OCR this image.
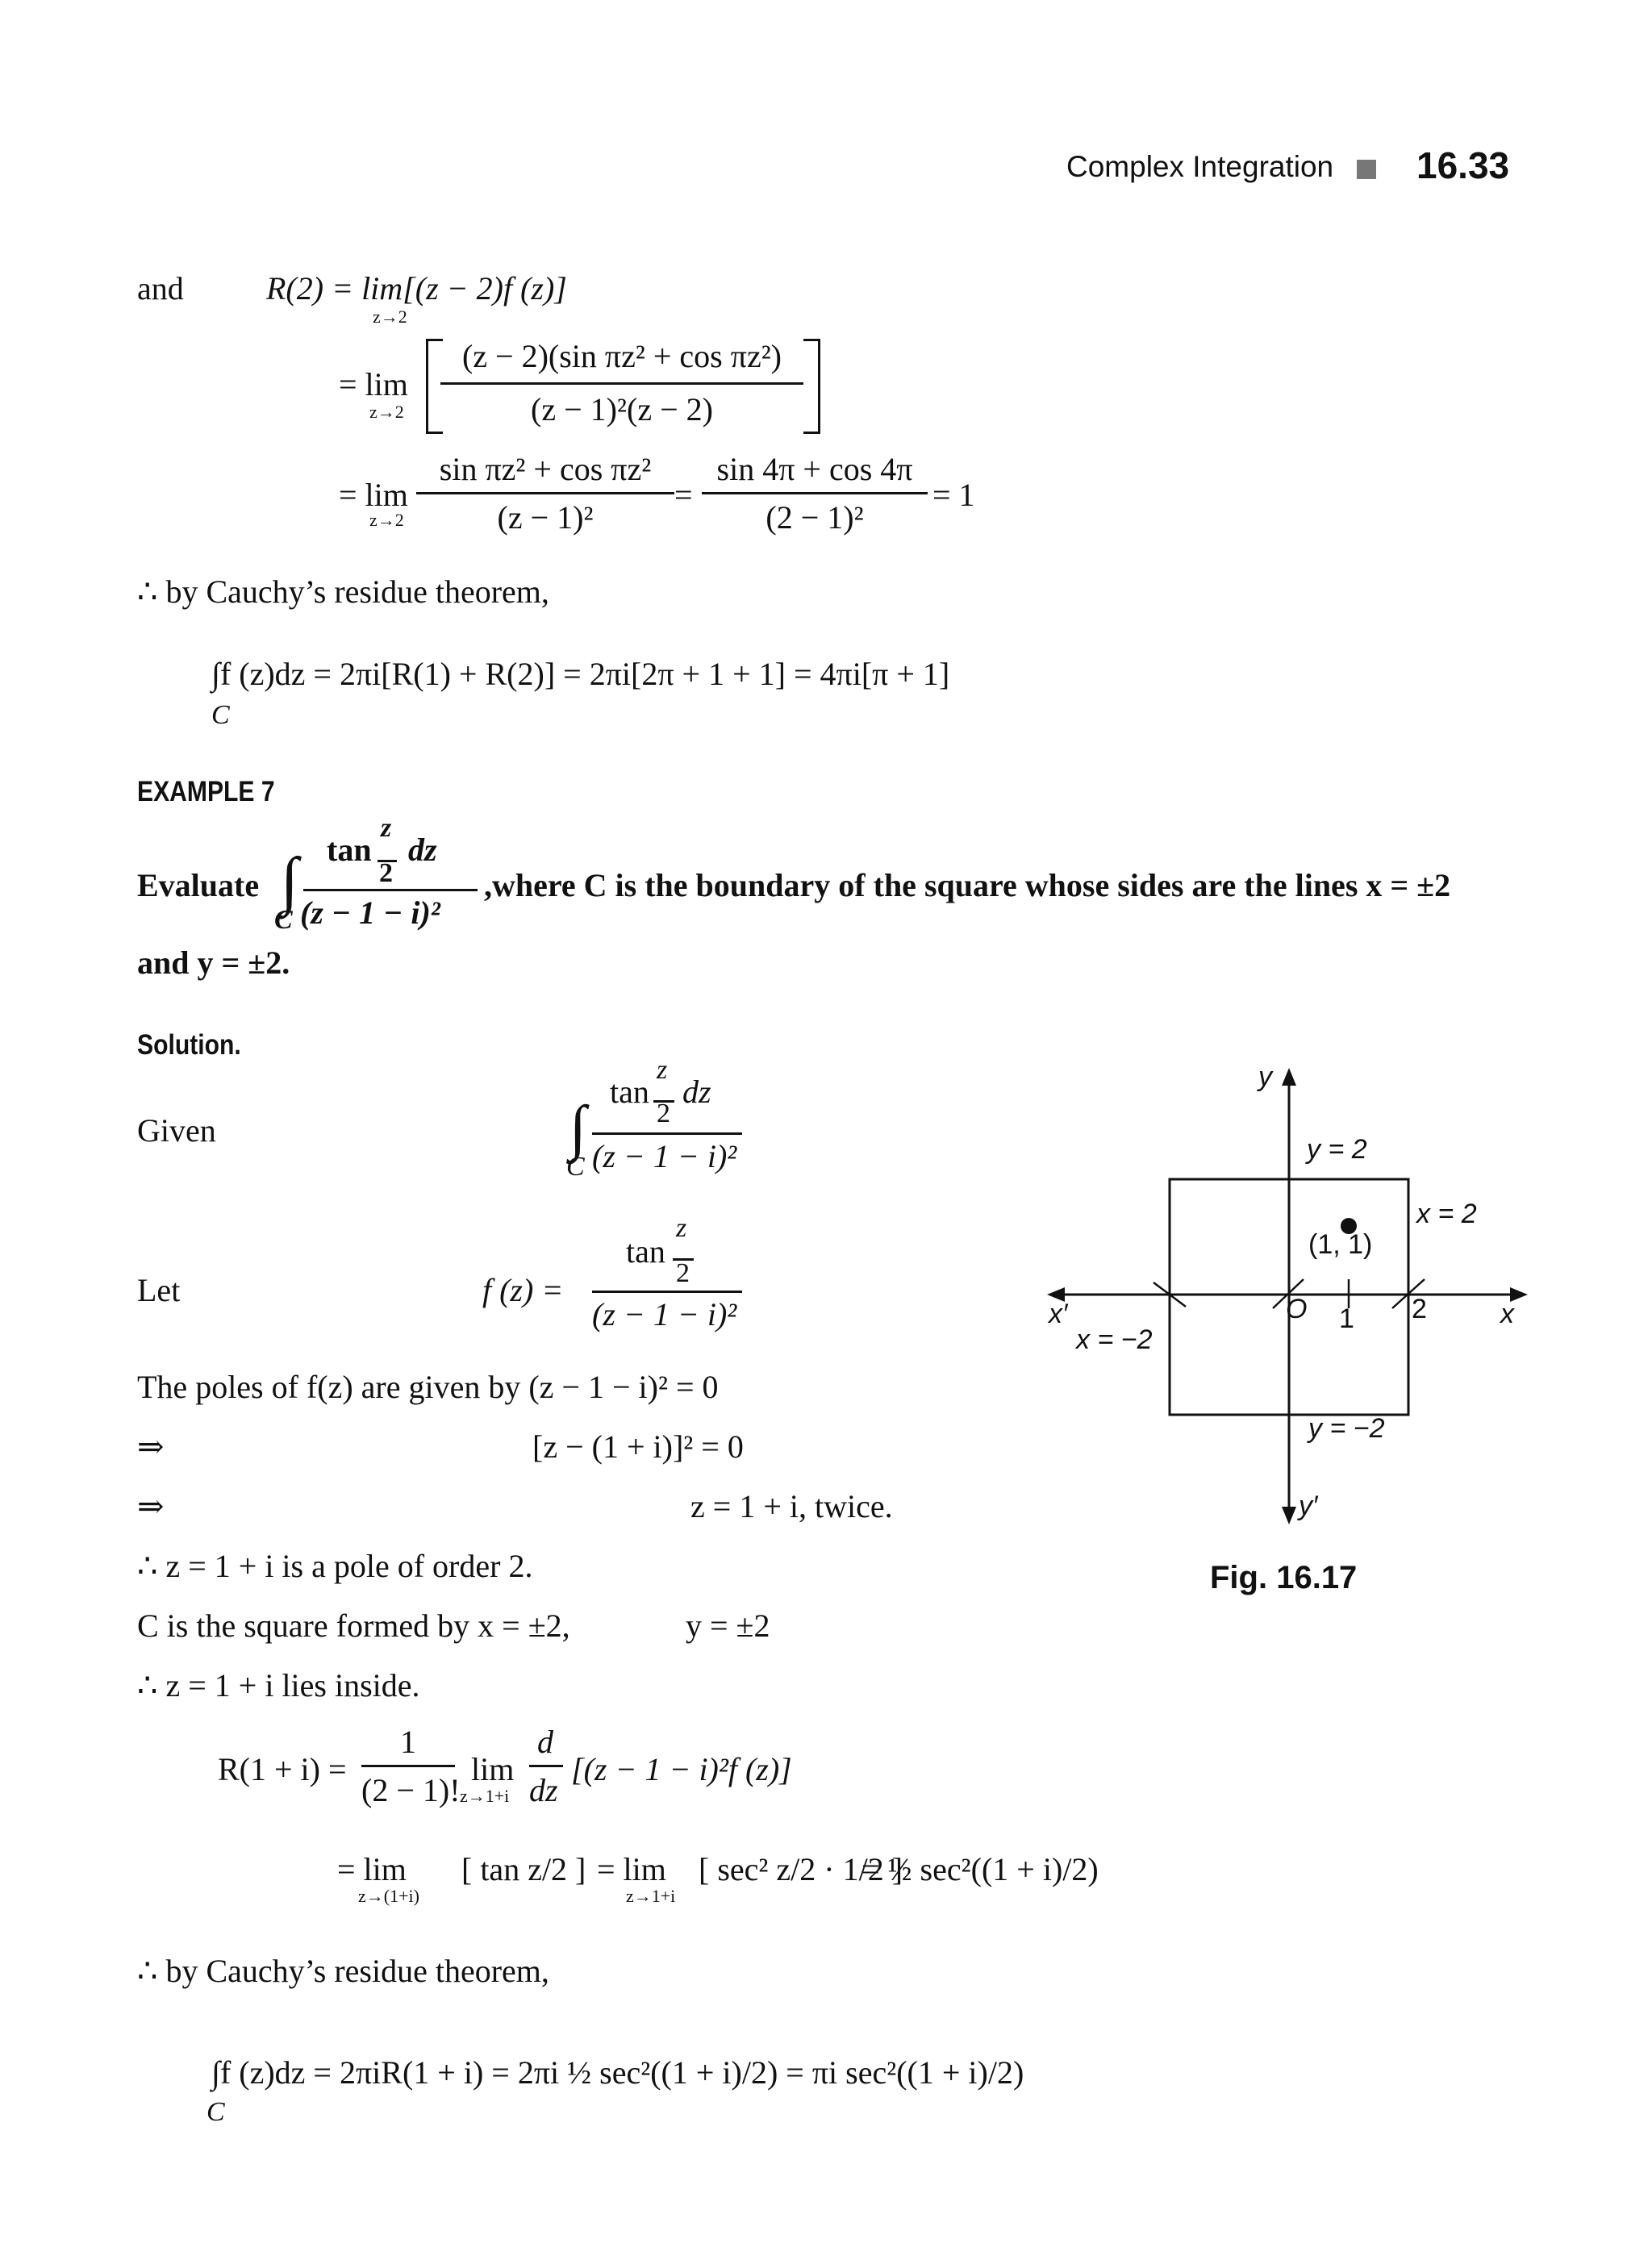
Complex Integration 16.33
and	R(2) = lim[(z − 2)f (z)]
z→2
= lim
z→2
(z − 2)(sin πz² + cos πz²)
(z − 1)²(z − 2)
= lim
z→2
sin πz² + cos πz²
(z − 1)²
=
sin 4π + cos 4π
(2 − 1)²
= 1
∴ by Cauchy’s residue theorem,
∫f (z)dz = 2πi[R(1) + R(2)] = 2πi[2π + 1 + 1] = 4πi[π + 1]
C
EXAMPLE 7
Evaluate ∫
C
z
tan
2
dz
(z − 1 − i)²
,where C is the boundary of the square whose sides are the lines x = ±2
and y = ±2.
Solution.
Given	∫
C
z
tan
2
dz
(z − 1 − i)²
Let	f (z) =
z
tan
2
(z − 1 − i)²
The poles of f(z) are given by (z − 1 − i)² = 0
⇒	[z − (1 + i)]² = 0
⇒	z = 1 + i, twice.
∴ z = 1 + i is a pole of order 2.
C is the square formed by x = ±2,	y = ±2
∴ z = 1 + i lies inside.
R(1 + i) =
1
(2 − 1)!
lim
z→1+i
d
dz
[(z − 1 − i)²f (z)]
= lim
z→(1+i)
[ tan z/2 ] = lim
z→1+i
[ sec² z/2 · 1/2 ]
= ½ sec²((1 + i)/2)
∴ by Cauchy’s residue theorem,
∫f (z)dz = 2πiR(1 + i) = 2πi ½ sec²((1 + i)/2) = πi sec²((1 + i)/2)
C
y
y′
x
x′
y = 2
y = −2
x = 2
x = −2
(1, 1)
O 1 2
Fig. 16.17
